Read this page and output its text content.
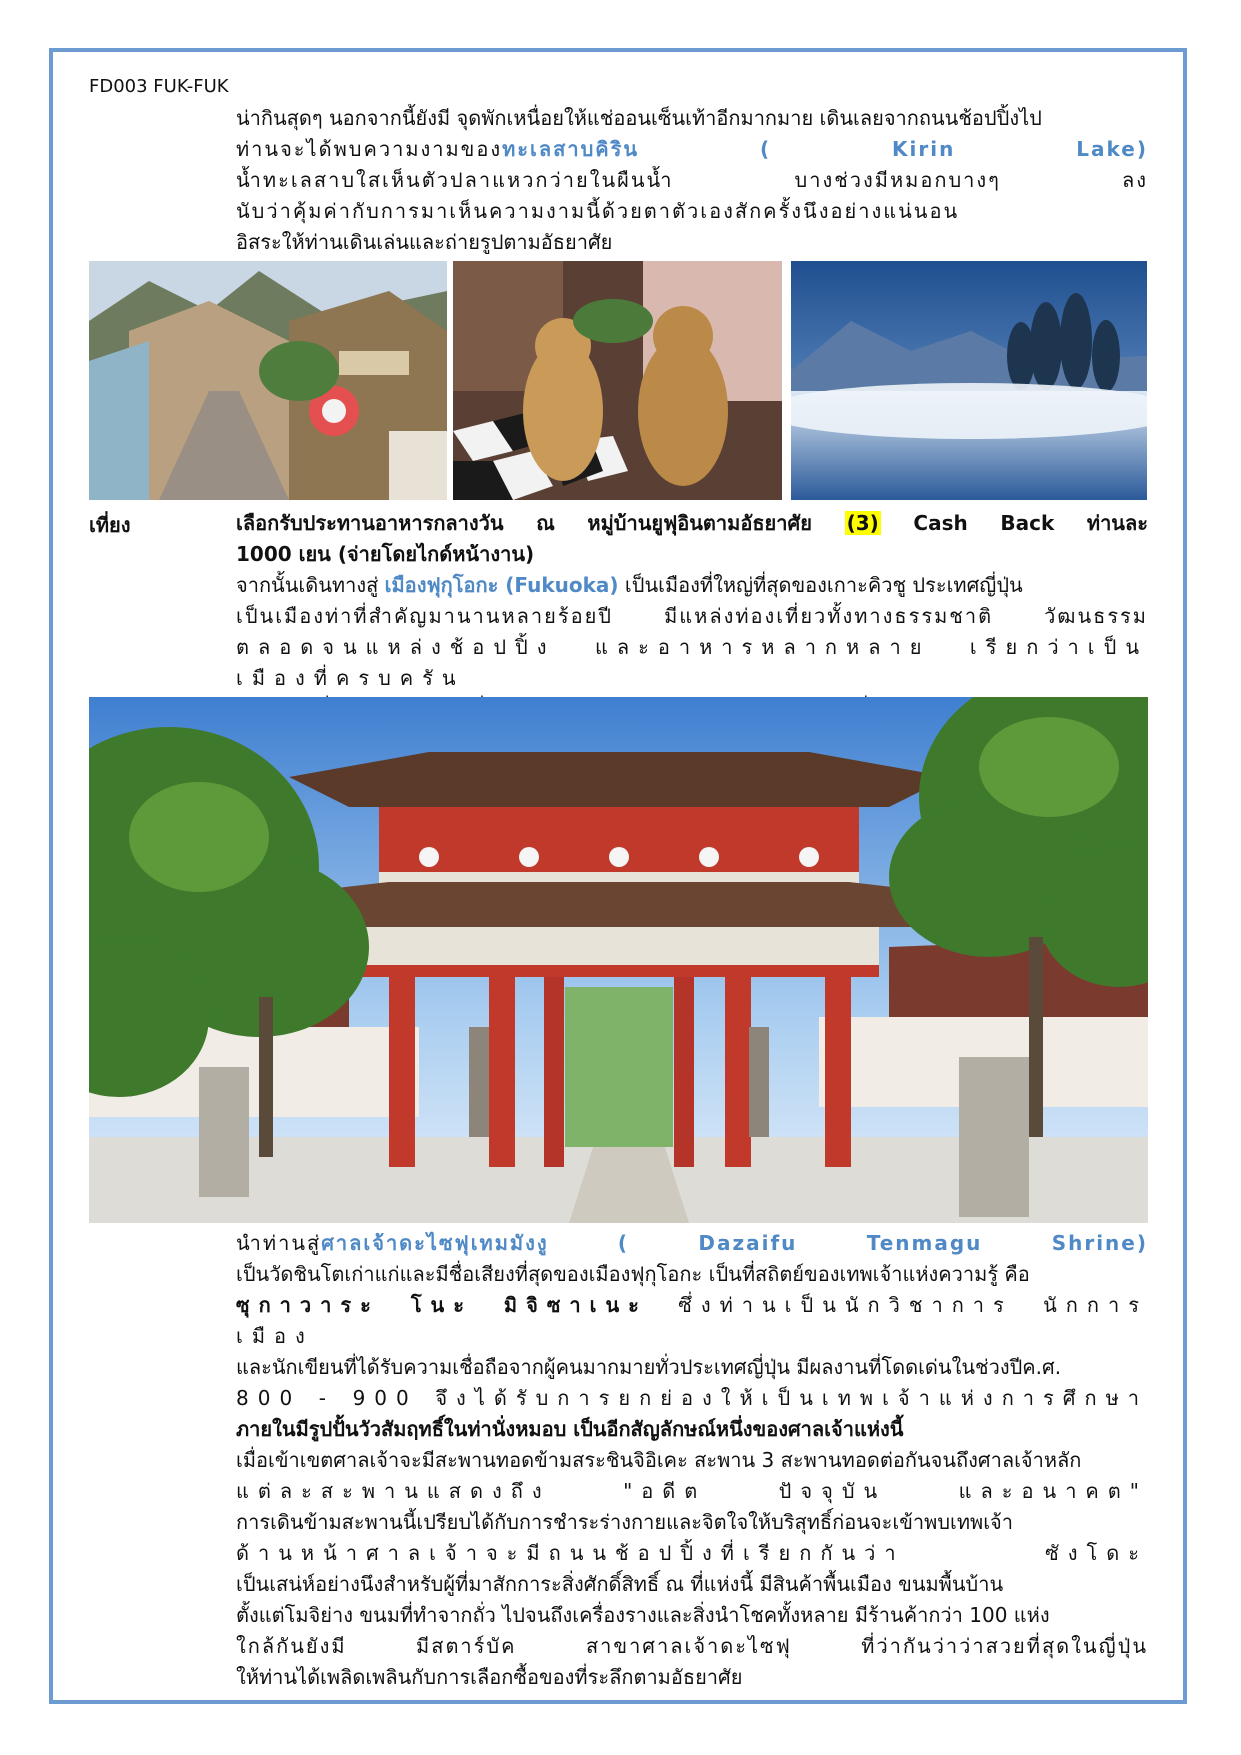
FD003 FUK-FUK

น่ากินสุดๆ นอกจากนี้ยังมี จุดพักเหนื่อยให้แช่ออนเซ็นเท้าอีกมากมาย เดินเลยจากถนนช้อปปิ้งไป

ท่านจะได้พบความงามของทะเลสาบคิริน ( Kirin Lake)

น้ำทะเลสาบใสเห็นตัวปลาแหวกว่ายในผืนน้ำ บางช่วงมีหมอกบางๆ ลง

นับว่าคุ้มค่ากับการมาเห็นความงามนี้ด้วยตาตัวเองสักครั้งนึงอย่างแน่นอน

อิสระให้ท่านเดินเล่นและถ่ายรูปตามอัธยาศัย

เที่ยง	เลือกรับประทานอาหารกลางวัน ณ หมู่บ้านยูฟุอินตามอัธยาศัย (3) Cash Back ท่านละ

1000 เยน (จ่ายโดยไกด์หน้างาน)

จากนั้นเดินทางสู่ เมืองฟุกุโอกะ (Fukuoka) เป็นเมืองที่ใหญ่ที่สุดของเกาะคิวชู ประเทศญี่ปุ่น

เป็นเมืองท่าที่สำคัญมานานหลายร้อยปี มีแหล่งท่องเที่ยวทั้งทางธรรมชาติ วัฒนธรรม

ตลอดจนแหล่งช้อปปิ้ง และอาหารหลากหลาย เรียกว่าเป็นเมืองที่ครบครัน

นำท่านสู่ศาลเจ้าดะไซฟุเทมมังงู ( Dazaifu Tenmagu Shrine)

เป็นวัดชินโตเก่าแก่และมีชื่อเสียงที่สุดของเมืองฟุกุโอกะ เป็นที่สถิตย์ของเทพเจ้าแห่งความรู้ คือ

ซุกาวาระ โนะ มิจิซาเนะ ซึ่งท่านเป็นนักวิชาการ นักการเมือง

และนักเขียนที่ได้รับความเชื่อถือจากผู้คนมากมายทั่วประเทศญี่ปุ่น มีผลงานที่โดดเด่นในช่วงปีค.ศ.

800 - 900 จึงได้รับการยกย่องให้เป็นเทพเจ้าแห่งการศึกษา

ภายในมีรูปปั้นวัวสัมฤทธิ์ในท่านั่งหมอบ เป็นอีกสัญลักษณ์หนึ่งของศาลเจ้าแห่งนี้

เมื่อเข้าเขตศาลเจ้าจะมีสะพานทอดข้ามสระชินจิอิเคะ สะพาน 3 สะพานทอดต่อกันจนถึงศาลเจ้าหลัก

แต่ละสะพานแสดงถึง "อดีต ปัจจุบัน และอนาคต"

การเดินข้ามสะพานนี้เปรียบได้กับการชำระร่างกายและจิตใจให้บริสุทธิ์ก่อนจะเข้าพบเทพเจ้า

ด้านหน้าศาลเจ้าจะมีถนนช้อปปิ้งที่เรียกกันว่า ซังโดะ

เป็นเสน่ห์อย่างนึงสำหรับผู้ที่มาสักการะสิ่งศักดิ์สิทธิ์ ณ ที่แห่งนี้ มีสินค้าพื้นเมือง ขนมพื้นบ้าน

ตั้งแต่โมจิย่าง ขนมที่ทำจากถั่ว ไปจนถึงเครื่องรางและสิ่งนำโชคทั้งหลาย มีร้านค้ากว่า 100 แห่ง

ใกล้กันยังมี มีสตาร์บัค สาขาศาลเจ้าดะไซฟุ ที่ว่ากันว่าว่าสวยที่สุดในญี่ปุ่น

ให้ท่านได้เพลิดเพลินกับการเลือกซื้อของที่ระลึกตามอัธยาศัย
